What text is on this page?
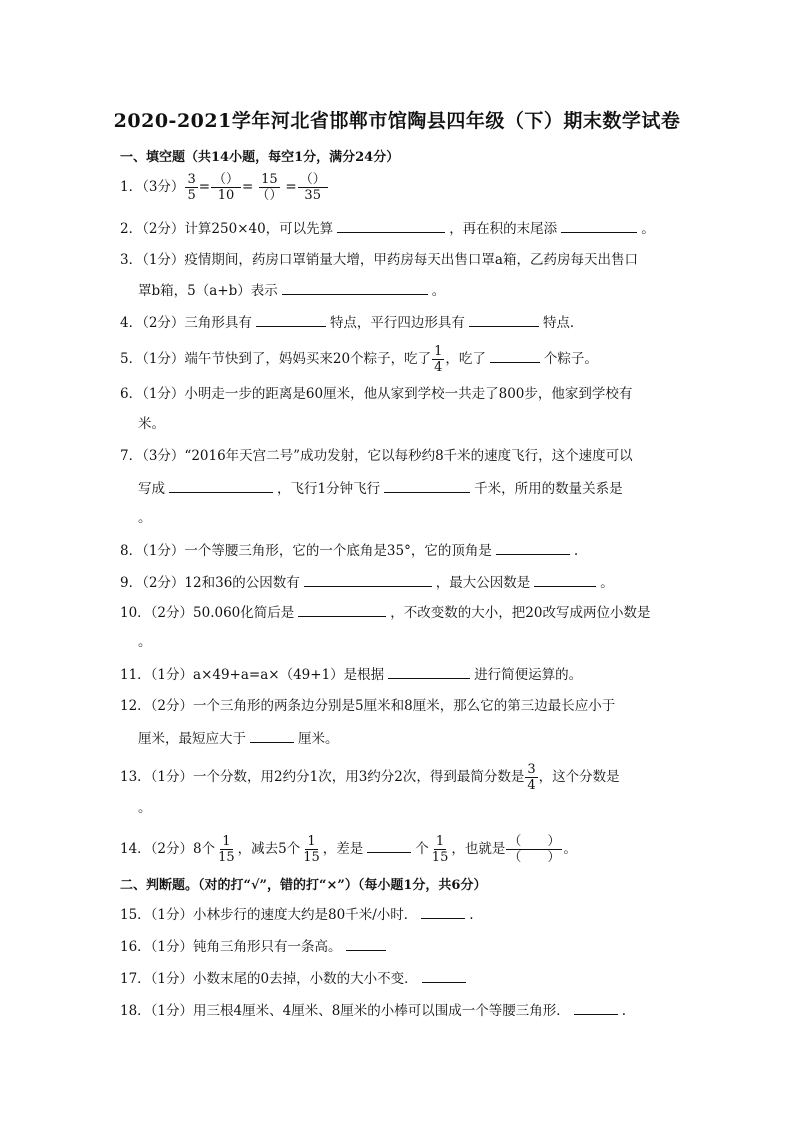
2020-2021学年河北省邯郸市馆陶县四年级（下）期末数学试卷
一、填空题（共14小题，每空1分，满分24分）
1．（3分） $\frac{3}{5} = \frac{()}{10} = \frac{15}{()} = \frac{()}{35}$
2．（2分）计算250×40，可以先算	，再在积的末尾添	。
3．（1分）疫情期间，药房口罩销量大增，甲药房每天出售口罩a箱，乙药房每天出售口
罩b箱，5（a+b）表示	。
4．（2分）三角形具有	特点，平行四边形具有	特点．
5．（1分）端午节快到了，妈妈买来20个粽子，吃了 $\frac{1}{4}$ ，吃了	个粽子。
6．（1分）小明走一步的距离是60厘米，他从家到学校一共走了800步，他家到学校有
米。
7．（3分）“2016年天宫二号”成功发射，它以每秒约8千米的速度飞行，这个速度可以
写成	，飞行1分钟飞行	千米，所用的数量关系是
。
8．（1分）一个等腰三角形，它的一个底角是35°，它的顶角是	.
9．（2分）12和36的公因数有	，最大公因数是	。
10．（2分）50.060化简后是	，不改变数的大小，把20改写成两位小数是
。
11．（1分）a×49+a=a×（49+1）是根据	进行简便运算的。
12．（2分）一个三角形的两条边分别是5厘米和8厘米，那么它的第三边最长应小于
厘米，最短应大于	厘米。
13．（1分）一个分数，用2约分1次，用3约分2次，得到最简分数是 $\frac{3}{4}$ ，这个分数是
。
14．（2分）8个 $\frac{1}{15}$ ，减去5个 $\frac{1}{15}$ ，差是	个 $\frac{1}{15}$ ，也就是 $\frac{( )}{( )}$ 。
二、判断题。（对的打“√”，错的打“×”）（每小题1分，共6分）
15．（1分）小林步行的速度大约是80千米/小时．	.
16．（1分）钝角三角形只有一条高。
17．（1分）小数末尾的0去掉，小数的大小不变．
18．（1分）用三根4厘米、4厘米、8厘米的小棒可以围成一个等腰三角形．	.
